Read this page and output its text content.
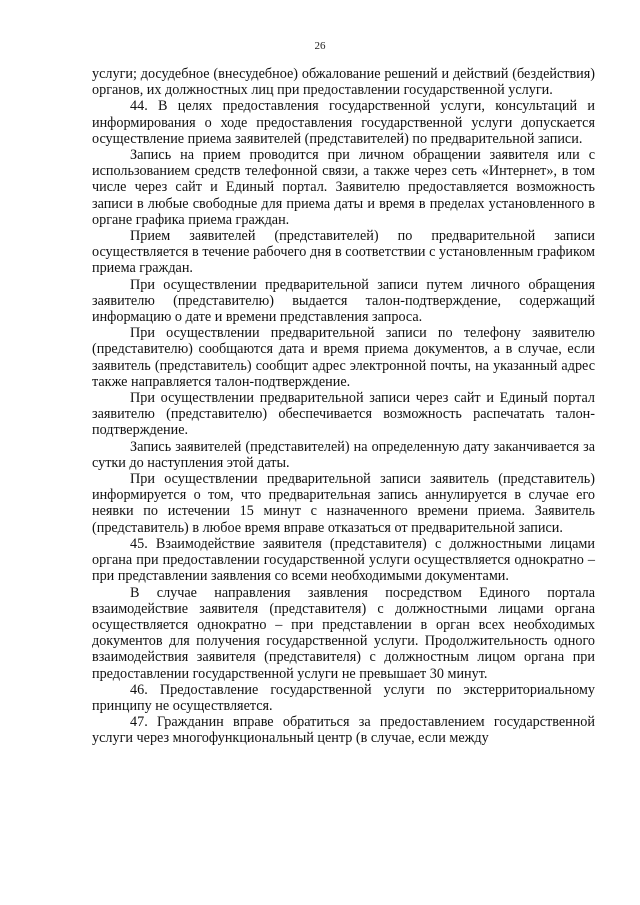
26

услуги; досудебное (внесудебное) обжалование решений и действий (бездействия) органов, их должностных лиц при предоставлении государственной услуги.

44. В целях предоставления государственной услуги, консультаций и информирования о ходе предоставления государственной услуги допускается осуществление приема заявителей (представителей) по предварительной записи.

Запись на прием проводится при личном обращении заявителя или с использованием средств телефонной связи, а также через сеть «Интернет», в том числе через сайт и Единый портал. Заявителю предоставляется возможность записи в любые свободные для приема даты и время в пределах установленного в органе графика приема граждан.

Прием заявителей (представителей) по предварительной записи осуществляется в течение рабочего дня в соответствии с установленным графиком приема граждан.

При осуществлении предварительной записи путем личного обращения заявителю (представителю) выдается талон-подтверждение, содержащий информацию о дате и времени представления запроса.

При осуществлении предварительной записи по телефону заявителю (представителю) сообщаются дата и время приема документов, а в случае, если заявитель (представитель) сообщит адрес электронной почты, на указанный адрес также направляется талон-подтверждение.

При осуществлении предварительной записи через сайт и Единый портал заявителю (представителю) обеспечивается возможность распечатать талон-подтверждение.

Запись заявителей (представителей) на определенную дату заканчивается за сутки до наступления этой даты.

При осуществлении предварительной записи заявитель (представитель) информируется о том, что предварительная запись аннулируется в случае его неявки по истечении 15 минут с назначенного времени приема. Заявитель (представитель) в любое время вправе отказаться от предварительной записи.

45. Взаимодействие заявителя (представителя) с должностными лицами органа при предоставлении государственной услуги осуществляется однократно – при представлении заявления со всеми необходимыми документами.

В случае направления заявления посредством Единого портала взаимодействие заявителя (представителя) с должностными лицами органа осуществляется однократно – при представлении в орган всех необходимых документов для получения государственной услуги. Продолжительность одного взаимодействия заявителя (представителя) с должностным лицом органа при предоставлении государственной услуги не превышает 30 минут.

46. Предоставление государственной услуги по экстерриториальному принципу не осуществляется.

47. Гражданин вправе обратиться за предоставлением государственной услуги через многофункциональный центр (в случае, если между
